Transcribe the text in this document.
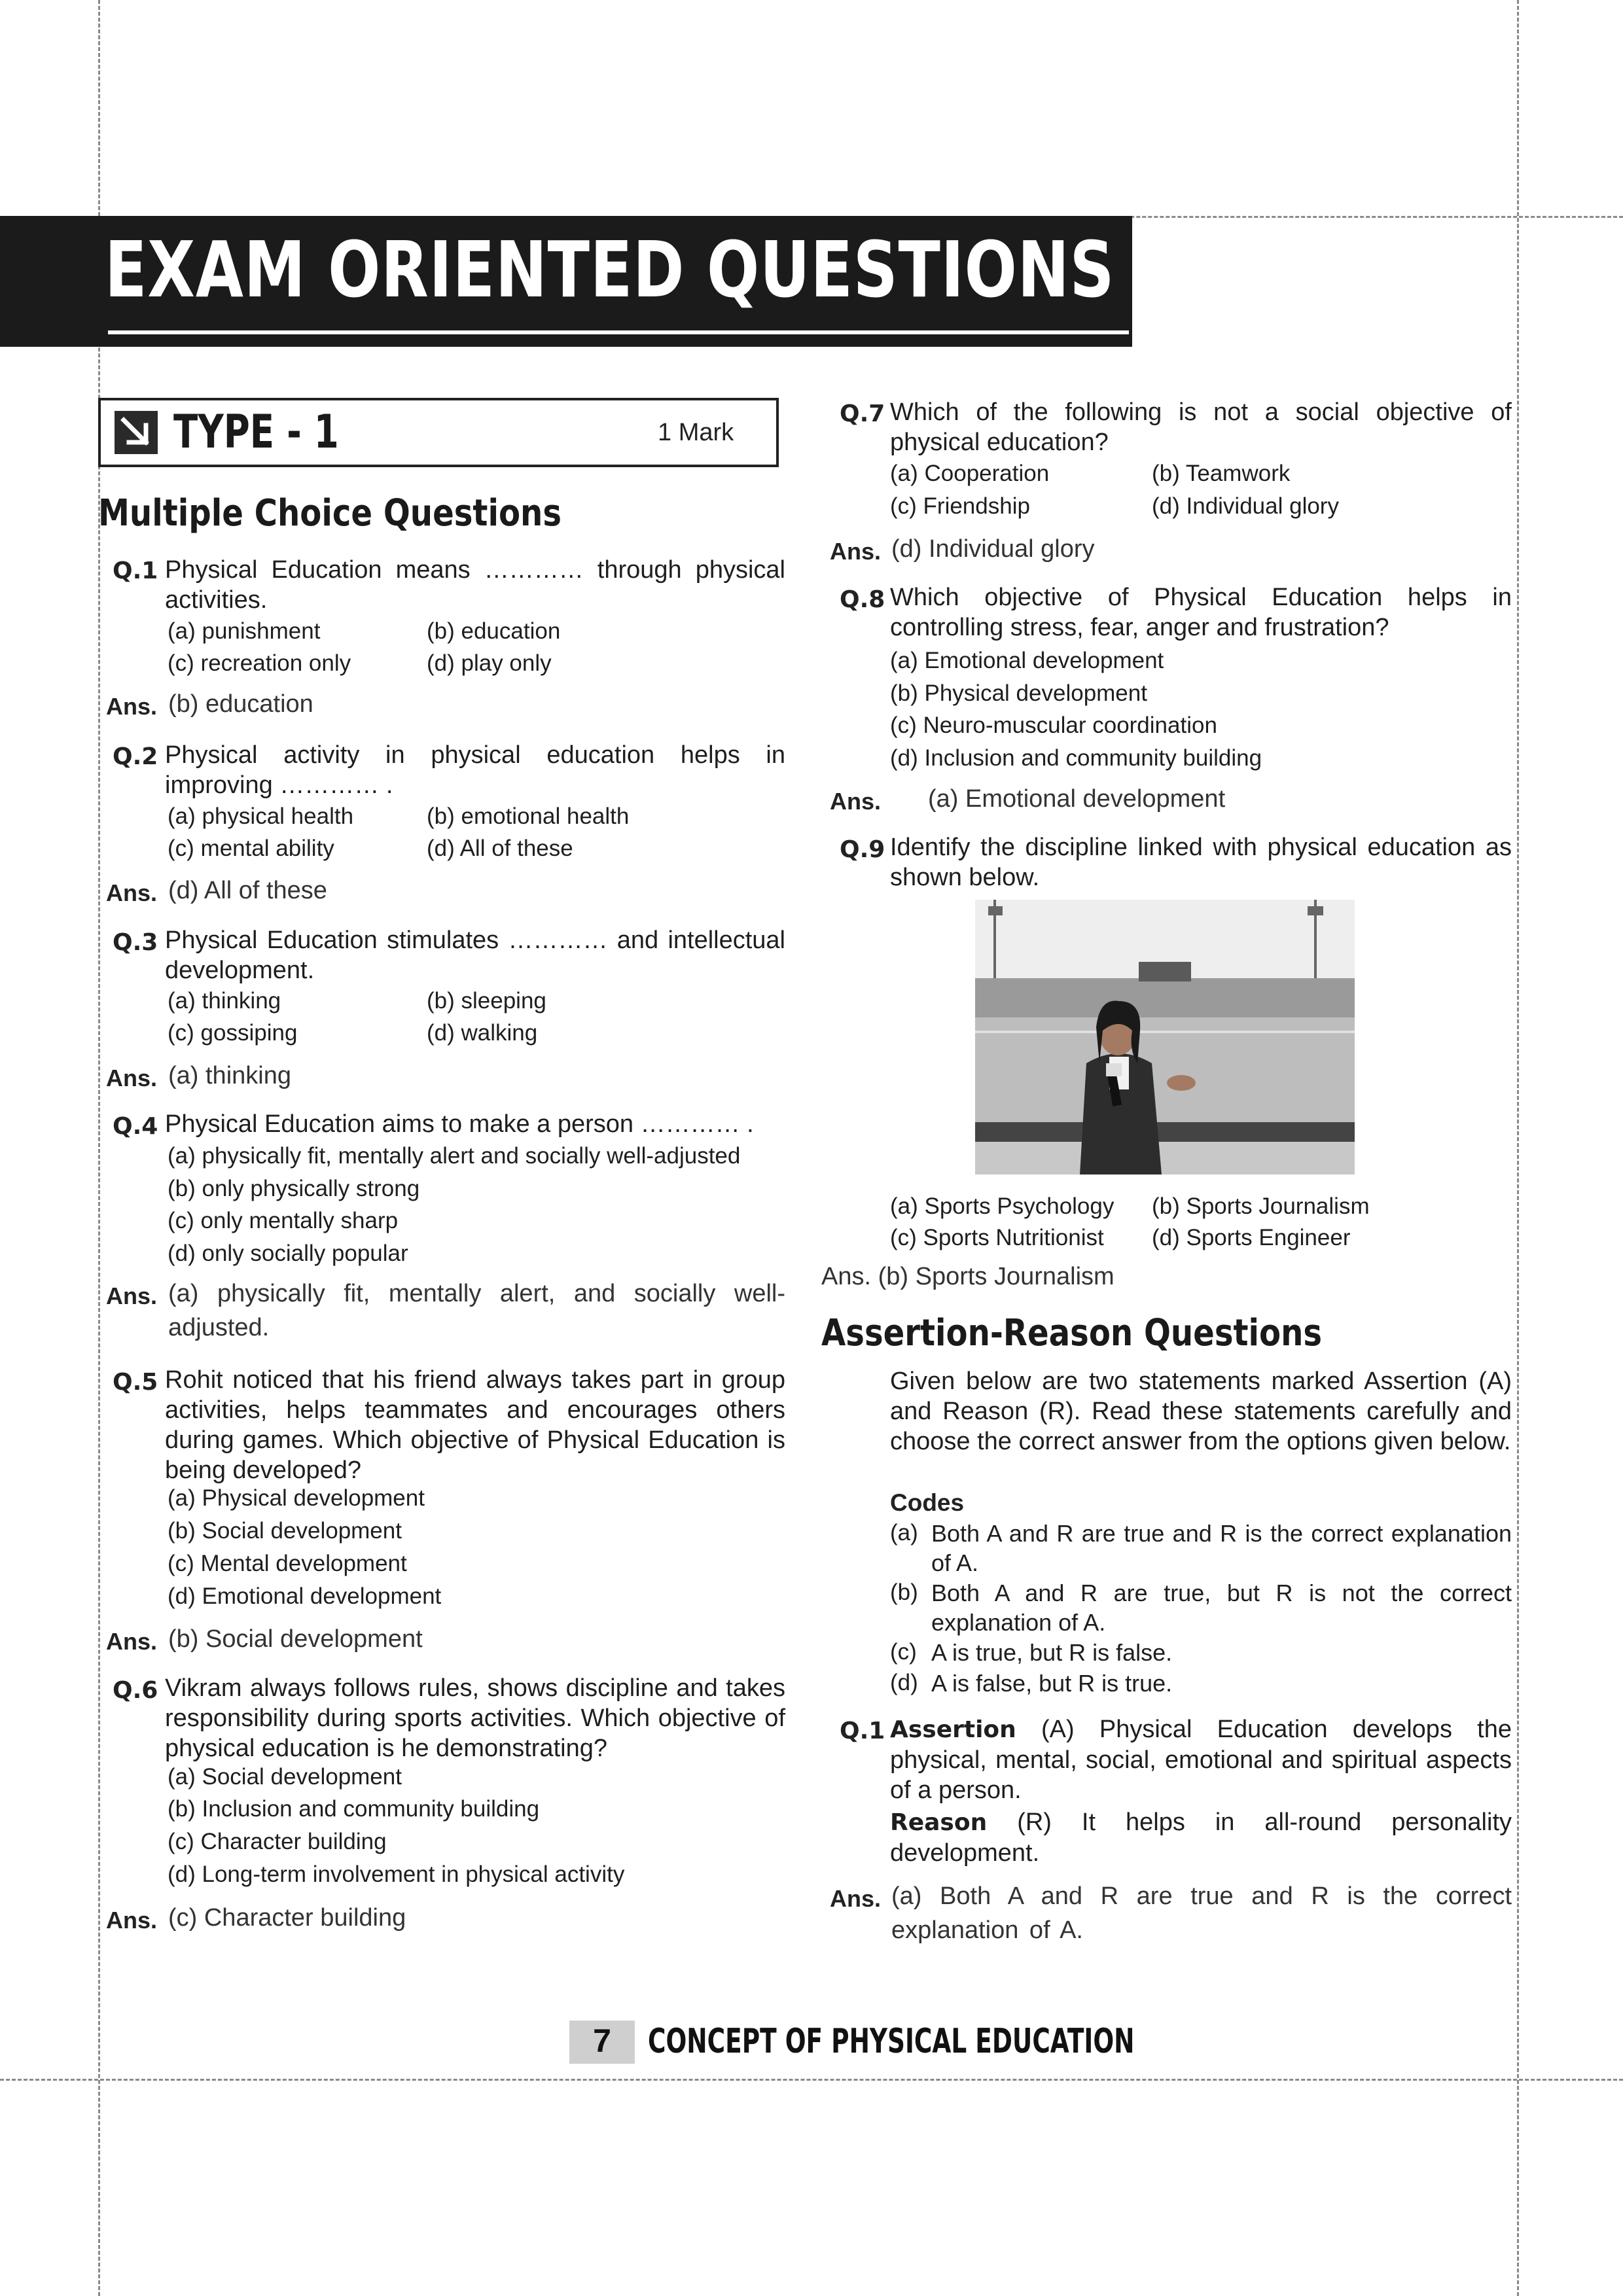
EXAM ORIENTED QUESTIONS
TYPE - 1	1 Mark
Multiple Choice Questions
Q.1 Physical Education means ………… through physical activities.
(a) punishment	(b) education
(c) recreation only	(d) play only
Ans. (b) education
Q.2 Physical activity in physical education helps in improving ………… .
(a) physical health	(b) emotional health
(c) mental ability	(d) All of these
Ans. (d) All of these
Q.3 Physical Education stimulates ………… and intellectual development.
(a) thinking	(b) sleeping
(c) gossiping	(d) walking
Ans. (a) thinking
Q.4 Physical Education aims to make a person ………… .
(a) physically fit, mentally alert and socially well-adjusted
(b) only physically strong
(c) only mentally sharp
(d) only socially popular
Ans. (a) physically fit, mentally alert, and socially well-adjusted.
Q.5 Rohit noticed that his friend always takes part in group activities, helps teammates and encourages others during games. Which objective of Physical Education is being developed?
(a) Physical development
(b) Social development
(c) Mental development
(d) Emotional development
Ans. (b) Social development
Q.6 Vikram always follows rules, shows discipline and takes responsibility during sports activities. Which objective of physical education is he demonstrating?
(a) Social development
(b) Inclusion and community building
(c) Character building
(d) Long-term involvement in physical activity
Ans. (c) Character building
Q.7 Which of the following is not a social objective of physical education?
(a) Cooperation	(b) Teamwork
(c) Friendship	(d) Individual glory
Ans. (d) Individual glory
Q.8 Which objective of Physical Education helps in controlling stress, fear, anger and frustration?
(a) Emotional development
(b) Physical development
(c) Neuro-muscular coordination
(d) Inclusion and community building
Ans. (a) Emotional development
Q.9 Identify the discipline linked with physical education as shown below.
(a) Sports Psychology (b) Sports Journalism
(c) Sports Nutritionist (d) Sports Engineer
Ans. (b) Sports Journalism
Assertion-Reason Questions
Given below are two statements marked Assertion (A) and Reason (R). Read these statements carefully and choose the correct answer from the options given below.
Codes
(a) Both A and R are true and R is the correct explanation of A.
(b) Both A and R are true, but R is not the correct explanation of A.
(c) A is true, but R is false.
(d) A is false, but R is true.
Q.1 Assertion (A) Physical Education develops the physical, mental, social, emotional and spiritual aspects of a person.
Reason (R) It helps in all-round personality development.
Ans. (a) Both A and R are true and R is the correct explanation of A.
7	CONCEPT OF PHYSICAL EDUCATION
